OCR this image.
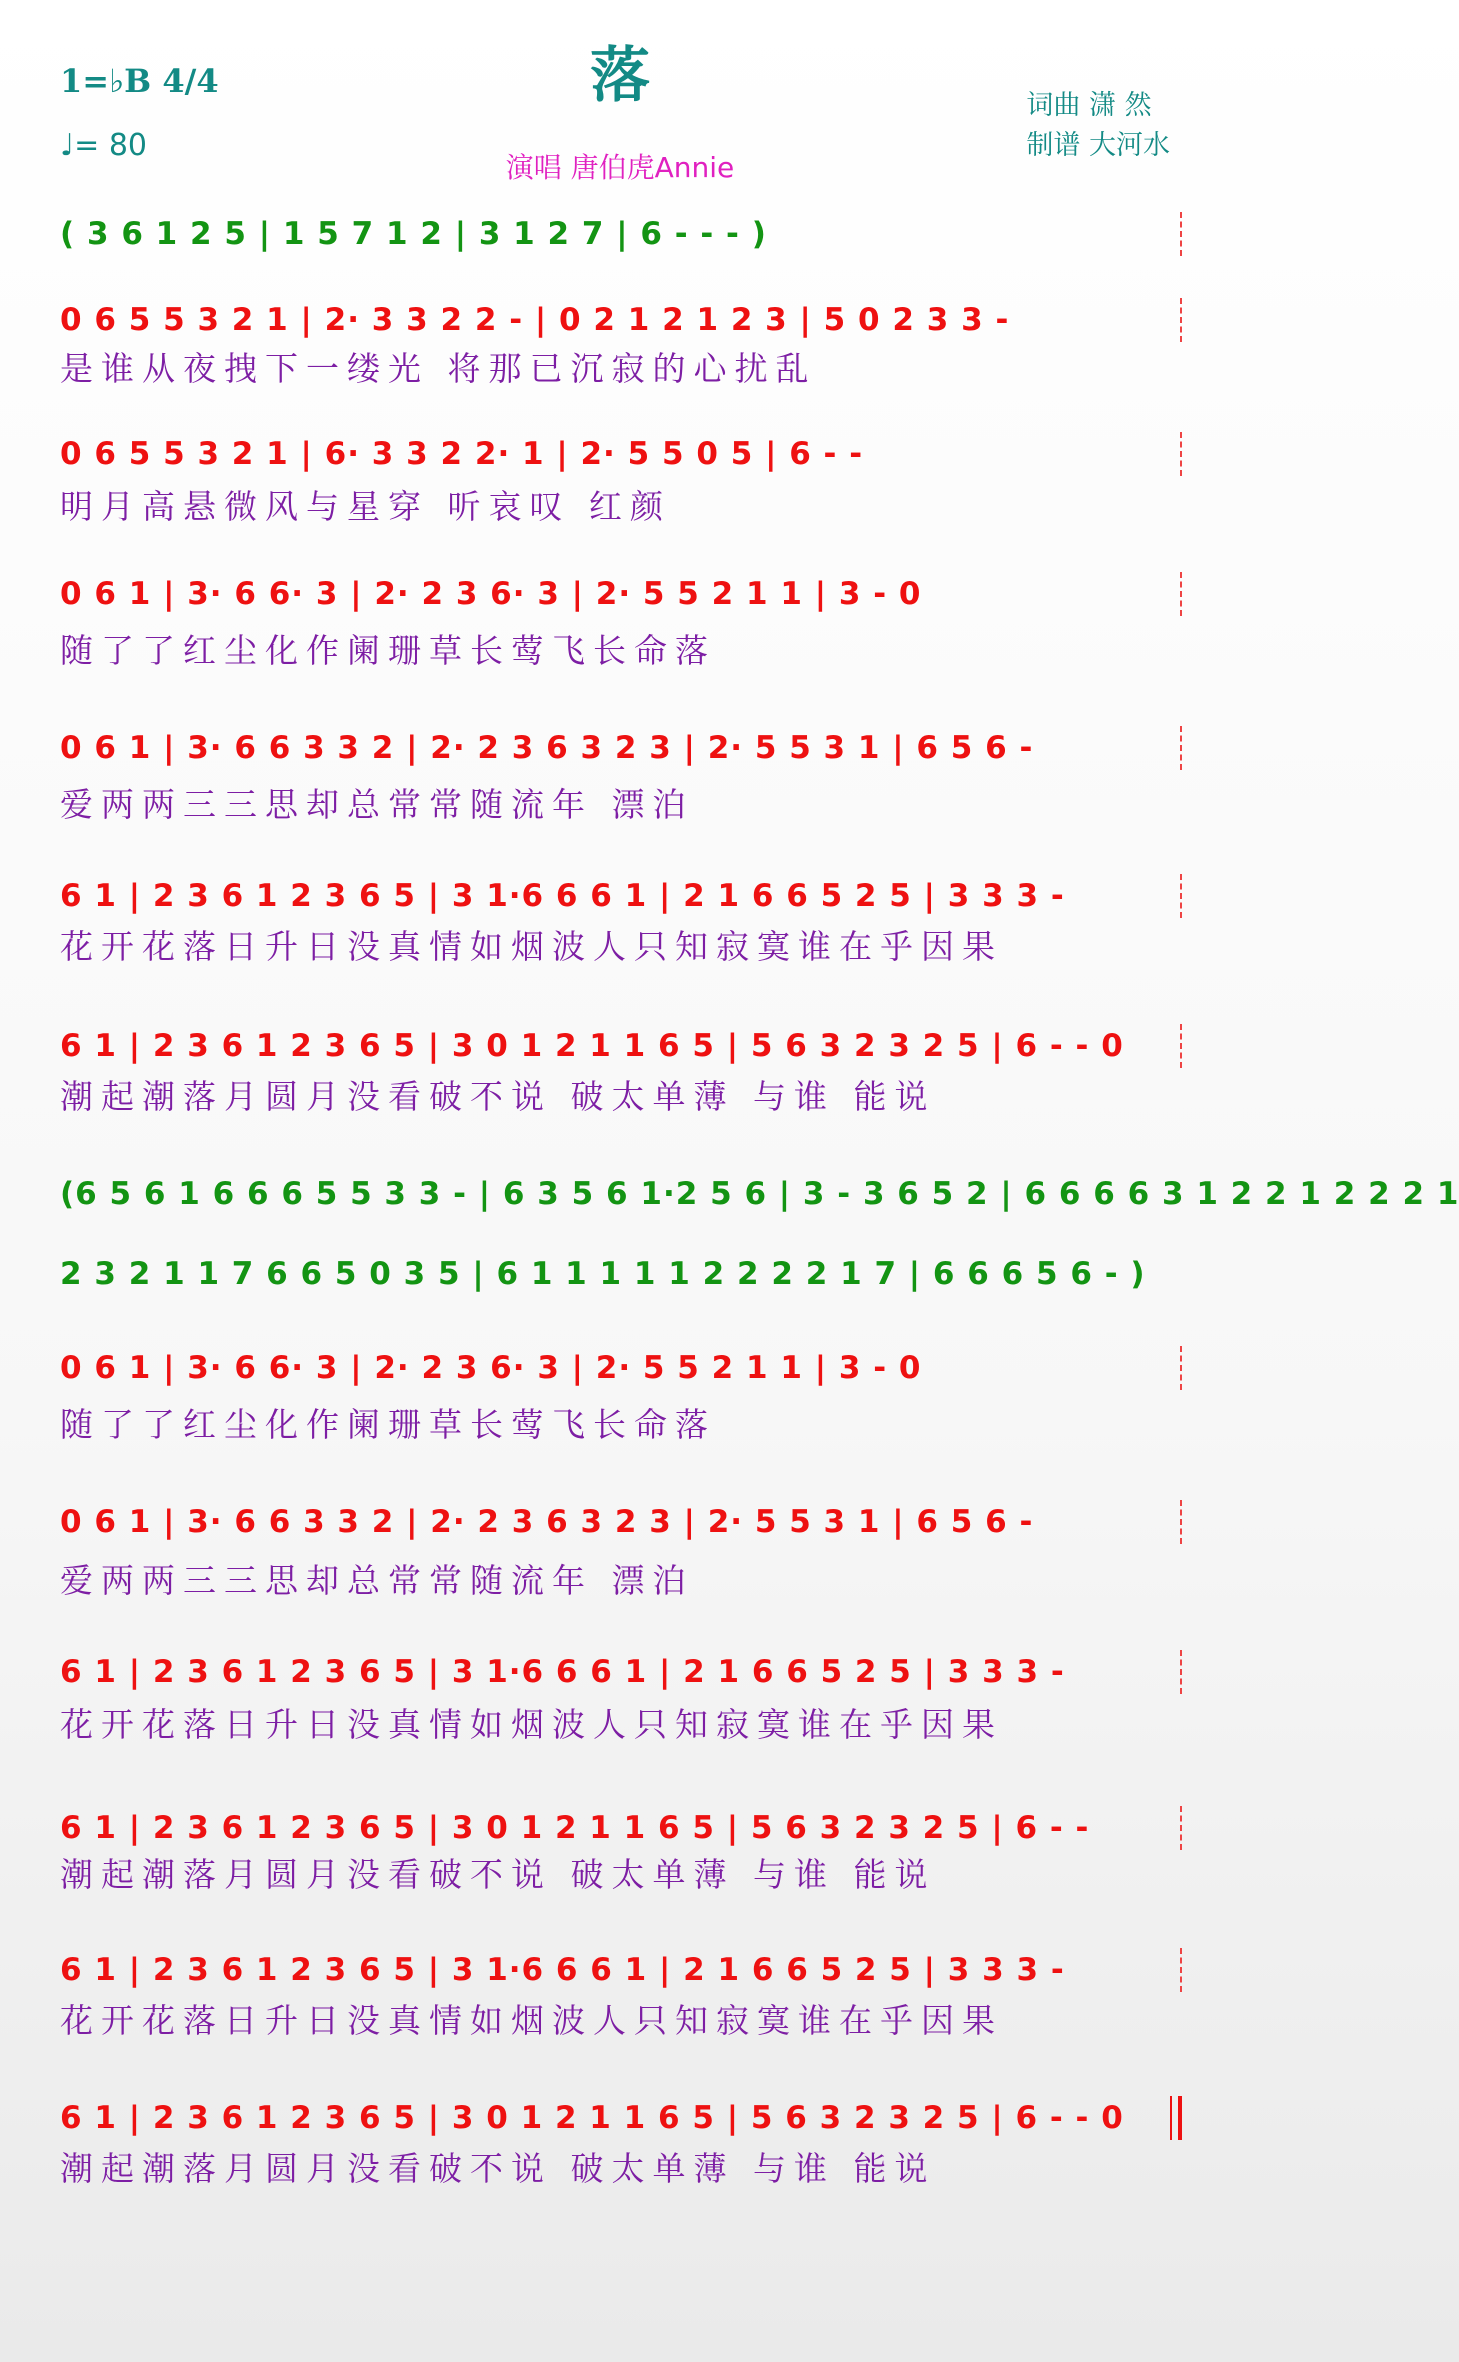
落
1=♭B 4/4
♩= 80
演唱 唐伯虎Annie
词曲 潇 然
制谱 大河水
( 3 6 1 2 5 | 1 5 7 1 2 | 3 1 2 7 | 6 - - - )
0 6 5 5 3 2 1 | 2· 3 3 2 2 - | 0 2 1 2 1 2 3 | 5 0 2 3 3 -
是谁从夜拽下一缕光 将那已沉寂的心扰乱
0 6 5 5 3 2 1 | 6· 3 3 2 2· 1 | 2· 5 5 0 5 | 6 - -
明月高悬微风与星穿 听哀叹 红颜
0 6 1 | 3· 6 6· 3 | 2· 2 3 6· 3 | 2· 5 5 2 1 1 | 3 - 0
随了了红尘化作阑珊草长莺飞长命落
0 6 1 | 3· 6 6 3 3 2 | 2· 2 3 6 3 2 3 | 2· 5 5 3 1 | 6 5 6 -
爱两两三三思却总常常随流年 漂泊
6 1 | 2 3 6 1 2 3 6 5 | 3 1·6 6 6 1 | 2 1 6 6 5 2 5 | 3 3 3 -
花开花落日升日没真情如烟波人只知寂寞谁在乎因果
6 1 | 2 3 6 1 2 3 6 5 | 3 0 1 2 1 1 6 5 | 5 6 3 2 3 2 5 | 6 - - 0
潮起潮落月圆月没看破不说 破太单薄 与谁 能说
(6 5 6 1 6 6 6 5 5 3 3 - | 6 3 5 6 1·2 5 6 | 3 - 3 6 5 2 | 6 6 6 6 3 1 2 2 1 2 2 2 1
2 3 2 1 1 7 6 6 5 0 3 5 | 6 1 1 1 1 1 2 2 2 2 1 7 | 6 6 6 5 6 - )
0 6 1 | 3· 6 6· 3 | 2· 2 3 6· 3 | 2· 5 5 2 1 1 | 3 - 0
随了了红尘化作阑珊草长莺飞长命落
0 6 1 | 3· 6 6 3 3 2 | 2· 2 3 6 3 2 3 | 2· 5 5 3 1 | 6 5 6 -
爱两两三三思却总常常随流年 漂泊
6 1 | 2 3 6 1 2 3 6 5 | 3 1·6 6 6 1 | 2 1 6 6 5 2 5 | 3 3 3 -
花开花落日升日没真情如烟波人只知寂寞谁在乎因果
6 1 | 2 3 6 1 2 3 6 5 | 3 0 1 2 1 1 6 5 | 5 6 3 2 3 2 5 | 6 - -
潮起潮落月圆月没看破不说 破太单薄 与谁 能说
6 1 | 2 3 6 1 2 3 6 5 | 3 1·6 6 6 1 | 2 1 6 6 5 2 5 | 3 3 3 -
花开花落日升日没真情如烟波人只知寂寞谁在乎因果
6 1 | 2 3 6 1 2 3 6 5 | 3 0 1 2 1 1 6 5 | 5 6 3 2 3 2 5 | 6 - - 0
潮起潮落月圆月没看破不说 破太单薄 与谁 能说
